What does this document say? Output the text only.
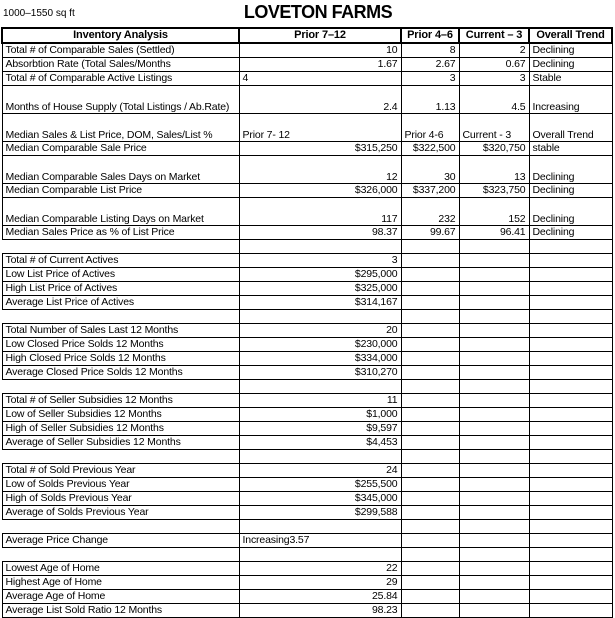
1000–1550 sq ft	LOVETON FARMS
Inventory Analysis	Prior 7–12	Prior 4–6	Current – 3	Overall Trend
Total # of Comparable Sales (Settled)	10	8	2	Declining
Absorbtion Rate (Total Sales/Months	1.67	2.67	0.67	Declining
Total # of Comparable Active Listings	4	3	3	Stable
Months of House Supply (Total Listings / Ab.Rate)	2.4	1.13	4.5	Increasing
Median Sales & List Price, DOM, Sales/List %	Prior 7- 12	Prior 4-6	Current - 3	Overall Trend
Median Comparable Sale Price	$315,250	$322,500	$320,750	stable
Median Comparable Sales Days on Market	12	30	13	Declining
Median Comparable List Price	$326,000	$337,200	$323,750	Declining
Median Comparable Listing Days on Market	117	232	152	Declining
Median Sales Price as % of List Price	98.37	99.67	96.41	Declining

Total # of Current Actives	3			
Low List Price of Actives	$295,000			
High List Price of Actives	$325,000			
Average List Price of Actives	$314,167			

Total Number of Sales Last 12 Months	20			
Low Closed Price Solds 12 Months	$230,000			
High Closed Price Solds 12 Months	$334,000			
Average Closed Price Solds 12 Months	$310,270			

Total # of Seller Subsidies 12 Months	11			
Low of Seller Subsidies 12 Months	$1,000			
High of Seller Subsidies 12 Months	$9,597			
Average of Seller Subsidies 12 Months	$4,453			

Total # of Sold Previous Year	24			
Low of Solds Previous Year	$255,500			
High of Solds Previous Year	$345,000			
Average of Solds Previous Year	$299,588			

Average Price Change	Increasing3.57			

Lowest Age of Home	22			
Highest Age of Home	29			
Average Age of Home	25.84			
Average List Sold Ratio 12 Months	98.23			
